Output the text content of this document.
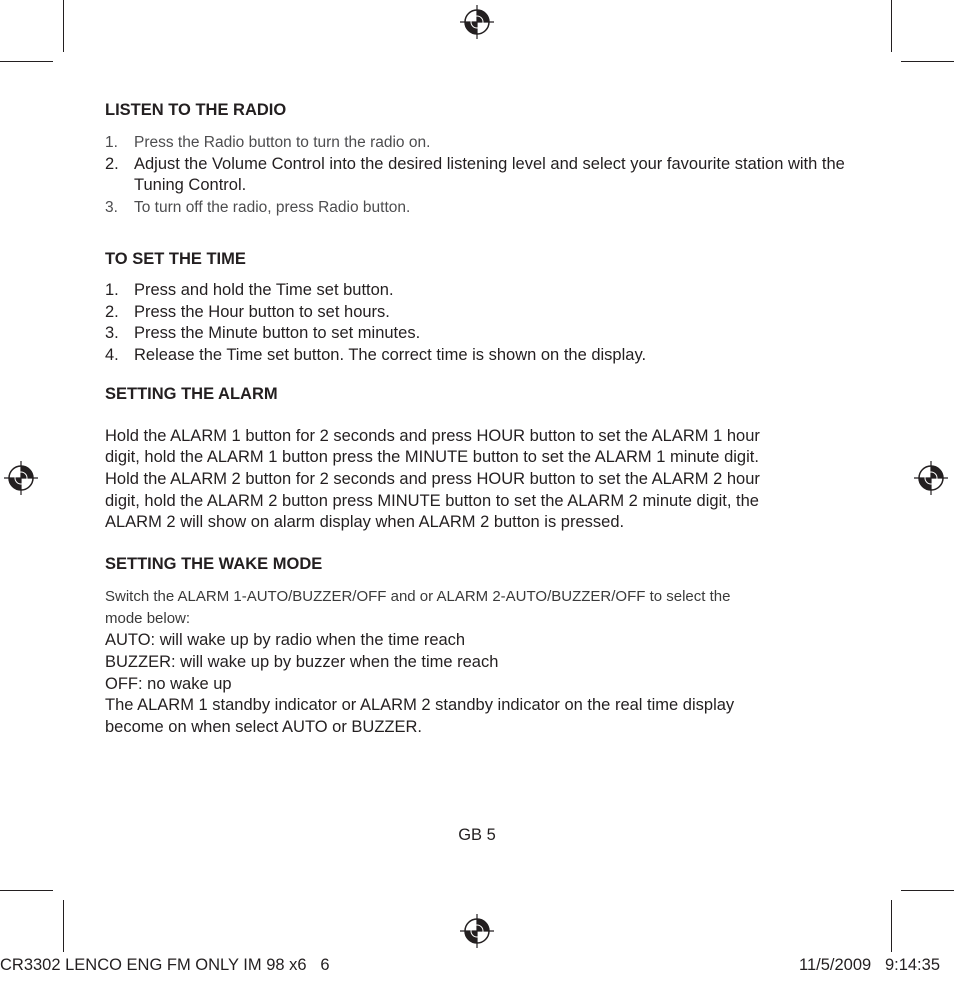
LISTEN TO THE RADIO
1. Press the Radio button to turn the radio on.
2. Adjust the Volume Control into the desired listening level and select your favourite station with the Tuning Control.
3. To turn off the radio, press Radio button.
TO SET THE TIME
1. Press and hold the Time set button.
2. Press the Hour button to set hours.
3. Press the Minute button to set minutes.
4. Release the Time set button. The correct time is shown on the display.
SETTING THE ALARM

Hold the ALARM 1 button for 2 seconds and press HOUR button to set the ALARM 1 hour

digit, hold the ALARM 1 button press the MINUTE button to set the ALARM 1 minute digit.

Hold the ALARM 2 button for 2 seconds and press HOUR button to set the ALARM 2 hour

digit, hold the ALARM 2 button press MINUTE button to set the ALARM 2 minute digit, the

ALARM 2 will show on alarm display when ALARM 2 button is pressed.

SETTING THE WAKE MODE

Switch the ALARM 1-AUTO/BUZZER/OFF and or ALARM 2-AUTO/BUZZER/OFF to select the

mode below:

AUTO: will wake up by radio when the time reach

BUZZER: will wake up by buzzer when the time reach

OFF: no wake up

The ALARM 1 standby indicator or ALARM 2 standby indicator on the real time display

become on when select AUTO or BUZZER.

GB 5
CR3302 LENCO ENG FM ONLY IM 98 x6   6	11/5/2009   9:14:35
